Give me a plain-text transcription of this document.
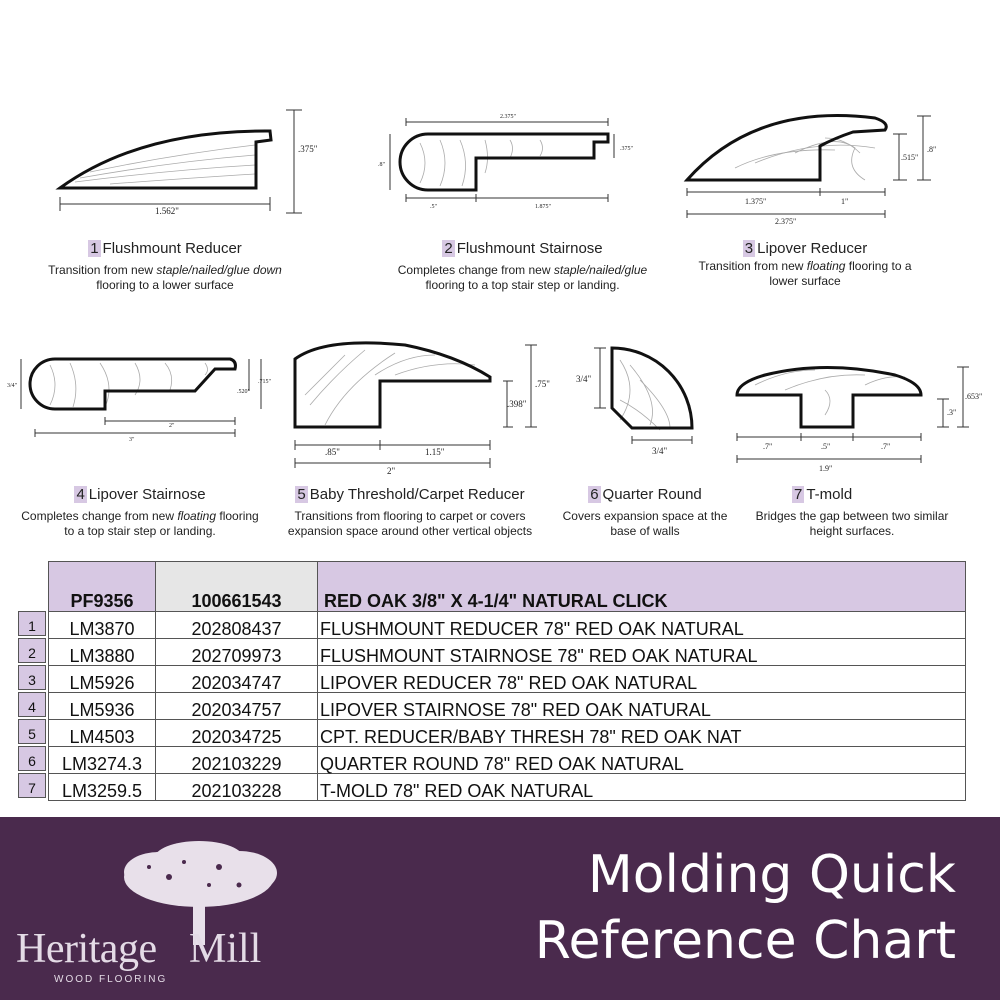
.375"
1.562"
1 Flushmount Reducer
Transition from new staple/nailed/glue down flooring to a lower surface
2.375"
.8"
.375"
.5"	1.875"
2 Flushmount Stairnose
Completes change from new staple/nailed/glue flooring to a top stair step or landing.
.8"
.515"
1.375"	1"
2.375"
3 Lipover Reducer
Transition from new floating flooring to a lower surface
3/4"
.520"
.715"
2"
3"
4 Lipover Stairnose
Completes change from new floating flooring to a top stair step or landing.
.75"
.398"
.85"	1.15"
2"
5 Baby Threshold/Carpet Reducer
Transitions from flooring to carpet or covers expansion space around other vertical objects
3/4"
3/4"
6 Quarter Round
Covers expansion space at the base of walls
.653"
.3"
.7"	.5"	.7"
1.9"
7 T-mold
Bridges the gap between two similar height surfaces.
PF9356	100661543	RED OAK 3/8" X 4-1/4" NATURAL CLICK
LM3870	202808437	FLUSHMOUNT REDUCER 78" RED OAK NATURAL
LM3880	202709973	FLUSHMOUNT STAIRNOSE 78" RED OAK NATURAL
LM5926	202034747	LIPOVER REDUCER 78" RED OAK NATURAL
LM5936	202034757	LIPOVER STAIRNOSE 78" RED OAK NATURAL
LM4503	202034725	CPT. REDUCER/BABY THRESH 78" RED OAK NAT
LM3274.3	202103229	QUARTER ROUND 78" RED OAK NATURAL
LM3259.5	202103228	T-MOLD 78" RED OAK NATURAL
1
2
3
4
5
6
7
Heritage Mill
WOOD FLOORING
Molding Quick
Reference Chart
